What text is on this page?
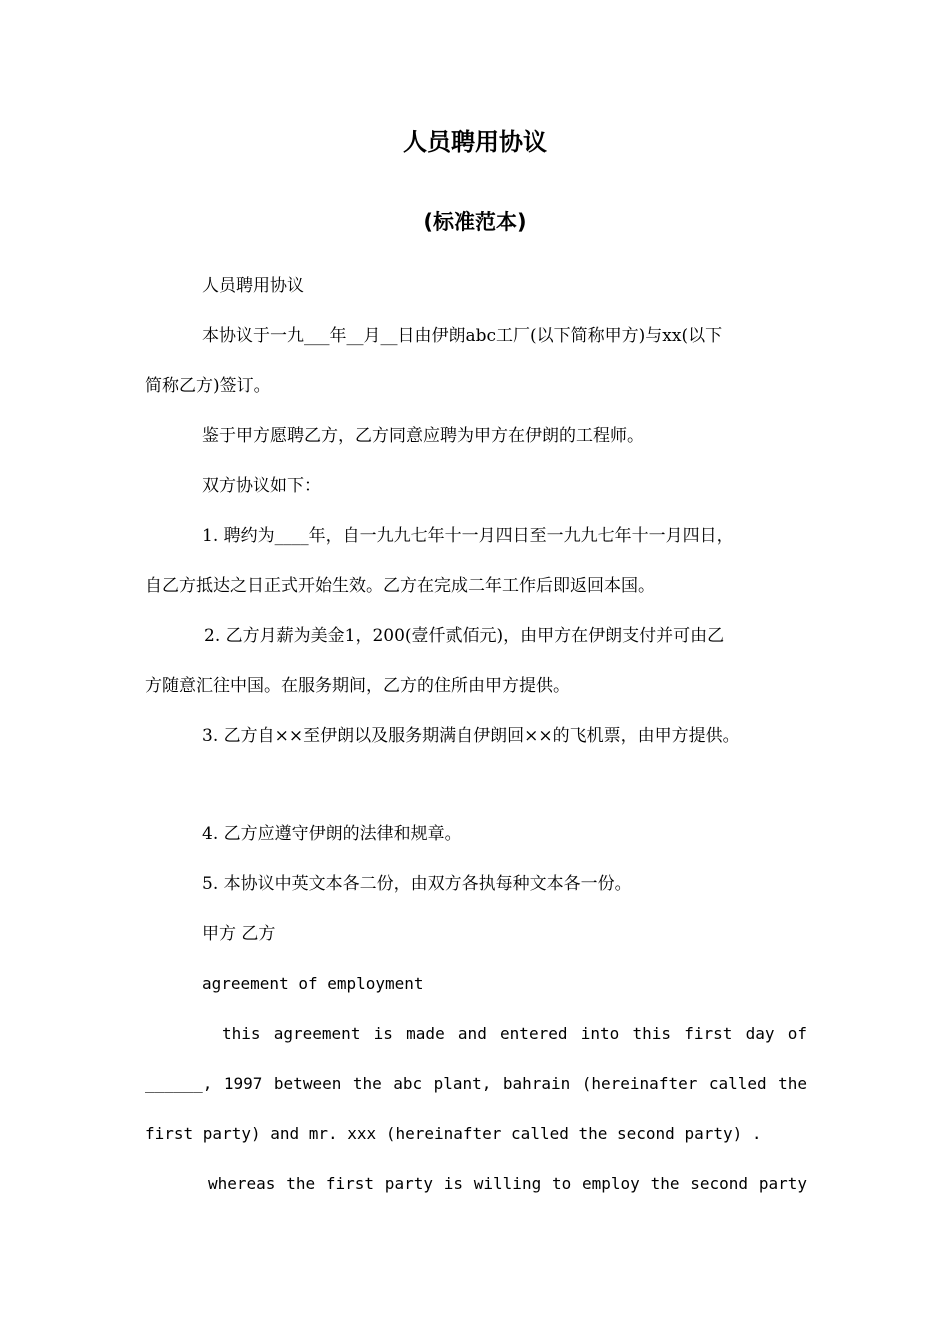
人员聘用协议
(标准范本)
人员聘用协议
本协议于一九___年__月__日由伊朗abc工厂(以下简称甲方)与xx(以下
简称乙方)签订。
鉴于甲方愿聘乙方，乙方同意应聘为甲方在伊朗的工程师。
双方协议如下：
1. 聘约为____年，自一九九七年十一月四日至一九九七年十一月四日，
自乙方抵达之日正式开始生效。乙方在完成二年工作后即返回本国。
2. 乙方月薪为美金1，200(壹仟贰佰元)，由甲方在伊朗支付并可由乙
方随意汇往中国。在服务期间，乙方的住所由甲方提供。
3. 乙方自××至伊朗以及服务期满自伊朗回××的飞机票，由甲方提供。
4. 乙方应遵守伊朗的法律和规章。
5. 本协议中英文本各二份，由双方各执每种文本各一份。
甲方 乙方
agreement of employment
this agreement is made and entered into this first day of
______, 1997 between the abc plant, bahrain (hereinafter called the
first party) and mr. xxx (hereinafter called the second party) .
whereas the first party is willing to employ the second party
